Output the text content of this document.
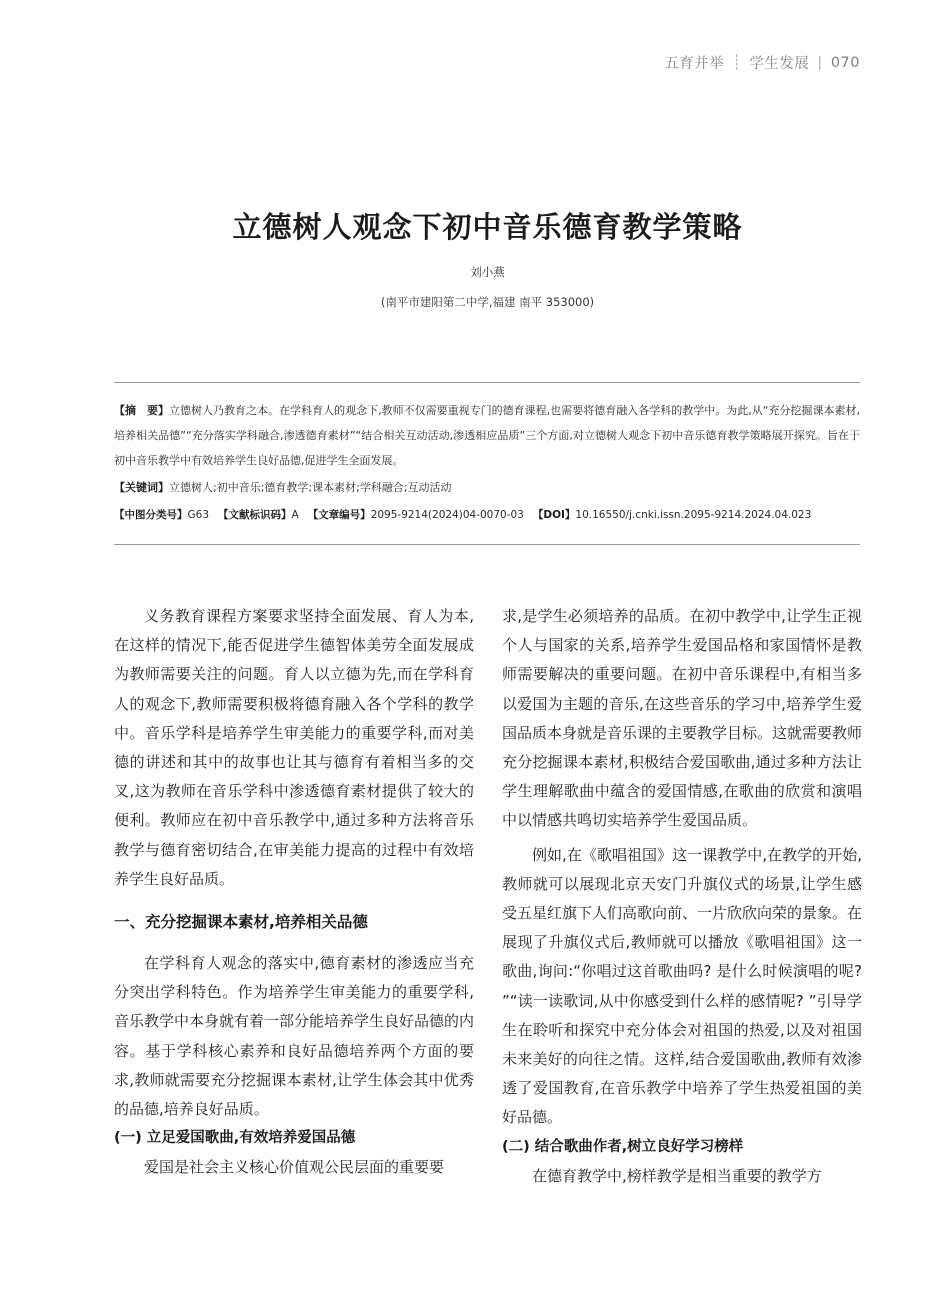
五育并举 ┊ 学生发展 | 070
立德树人观念下初中音乐德育教学策略
刘小燕
(南平市建阳第二中学,福建 南平 353000)
【摘　要】立德树人乃教育之本。在学科育人的观念下,教师不仅需要重视专门的德育课程,也需要将德育融入各学科的教学中。为此,从“充分挖掘课本素材,培养相关品德”“充分落实学科融合,渗透德育素材”“结合相关互动活动,渗透相应品质”三个方面,对立德树人观念下初中音乐德育教学策略展开探究。旨在于初中音乐教学中有效培养学生良好品德,促进学生全面发展。
【关键词】立德树人;初中音乐;德育教学;课本素材;学科融合;互动活动
【中图分类号】G63 【文献标识码】A 【文章编号】2095-9214(2024)04-0070-03 【DOI】10.16550/j.cnki.issn.2095-9214.2024.04.023

义务教育课程方案要求坚持全面发展、育人为本,在这样的情况下,能否促进学生德智体美劳全面发展成为教师需要关注的问题。育人以立德为先,而在学科育人的观念下,教师需要积极将德育融入各个学科的教学中。音乐学科是培养学生审美能力的重要学科,而对美德的讲述和其中的故事也让其与德育有着相当多的交叉,这为教师在音乐学科中渗透德育素材提供了较大的便利。教师应在初中音乐教学中,通过多种方法将音乐教学与德育密切结合,在审美能力提高的过程中有效培养学生良好品质。

一、充分挖掘课本素材,培养相关品德

在学科育人观念的落实中,德育素材的渗透应当充分突出学科特色。作为培养学生审美能力的重要学科,音乐教学中本身就有着一部分能培养学生良好品德的内容。基于学科核心素养和良好品德培养两个方面的要求,教师就需要充分挖掘课本素材,让学生体会其中优秀的品德,培养良好品质。

(一) 立足爱国歌曲,有效培养爱国品德

爱国是社会主义核心价值观公民层面的重要要

求,是学生必须培养的品质。在初中教学中,让学生正视个人与国家的关系,培养学生爱国品格和家国情怀是教师需要解决的重要问题。在初中音乐课程中,有相当多以爱国为主题的音乐,在这些音乐的学习中,培养学生爱国品质本身就是音乐课的主要教学目标。这就需要教师充分挖掘课本素材,积极结合爱国歌曲,通过多种方法让学生理解歌曲中蕴含的爱国情感,在歌曲的欣赏和演唱中以情感共鸣切实培养学生爱国品质。

例如,在《歌唱祖国》这一课教学中,在教学的开始,教师就可以展现北京天安门升旗仪式的场景,让学生感受五星红旗下人们高歌向前、一片欣欣向荣的景象。在展现了升旗仪式后,教师就可以播放《歌唱祖国》这一歌曲,询问:“你唱过这首歌曲吗? 是什么时候演唱的呢? ”“读一读歌词,从中你感受到什么样的感情呢? ”引导学生在聆听和探究中充分体会对祖国的热爱,以及对祖国未来美好的向往之情。这样,结合爱国歌曲,教师有效渗透了爱国教育,在音乐教学中培养了学生热爱祖国的美好品德。

(二) 结合歌曲作者,树立良好学习榜样

在德育教学中,榜样教学是相当重要的教学方
